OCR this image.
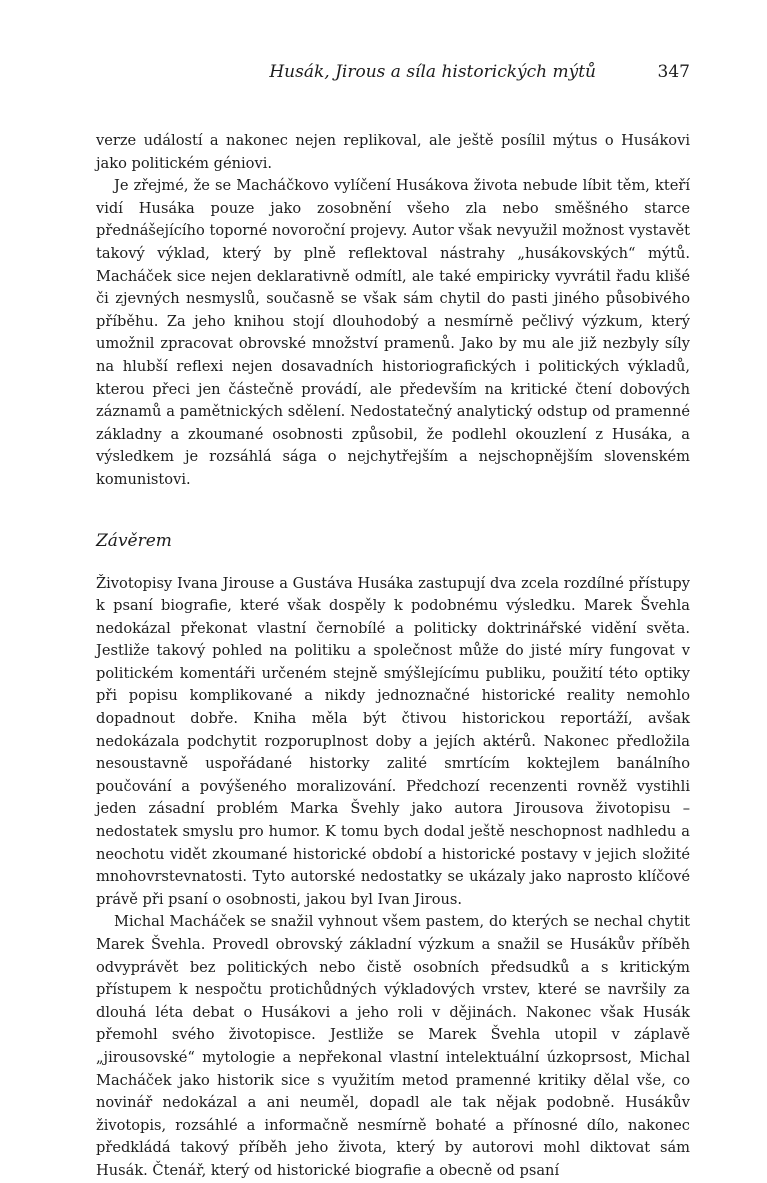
Husák, Jirous a síla historických mýtů	347

verze událostí a nakonec nejen replikoval, ale ještě posílil mýtus o Husákovi jako politickém géniovi.

Je zřejmé, že se Macháčkovo vylíčení Husákova života nebude líbit těm, kteří vidí Husáka pouze jako zosobnění všeho zla nebo směšného starce přednášejícího toporné novoroční projevy. Autor však nevyužil možnost vystavět takový výklad, který by plně reflektoval nástrahy „husákovských“ mýtů. Macháček sice nejen deklarativně odmítl, ale také empiricky vyvrátil řadu klišé či zjevných nesmyslů, současně se však sám chytil do pasti jiného působivého příběhu. Za jeho knihou stojí dlouhodobý a nesmírně pečlivý výzkum, který umožnil zpracovat obrovské množství pramenů. Jako by mu ale již nezbyly síly na hlubší reflexi nejen dosavadních historiografických i politických výkladů, kterou přeci jen částečně provádí, ale především na kritické čtení dobových záznamů a pamětnických sdělení. Nedostatečný analytický odstup od pramenné základny a zkoumané osobnosti způsobil, že podlehl okouzlení z Husáka, a výsledkem je rozsáhlá sága o nejchytřejším a nejschopnějším slovenském komunistovi.

Závěrem

Životopisy Ivana Jirouse a Gustáva Husáka zastupují dva zcela rozdílné přístupy k psaní biografie, které však dospěly k podobnému výsledku. Marek Švehla nedokázal překonat vlastní černobílé a politicky doktrinářské vidění světa. Jestliže takový pohled na politiku a společnost může do jisté míry fungovat v politickém komentáři určeném stejně smýšlejícímu publiku, použití této optiky při popisu komplikované a nikdy jednoznačné historické reality nemohlo dopadnout dobře. Kniha měla být čtivou historickou reportáží, avšak nedokázala podchytit rozporuplnost doby a jejích aktérů. Nakonec předložila nesoustavně uspořádané historky zalité smrtícím koktejlem banálního poučování a povýšeného moralizování. Předchozí recenzenti rovněž vystihli jeden zásadní problém Marka Švehly jako autora Jirousova životopisu – nedostatek smyslu pro humor. K tomu bych dodal ještě neschopnost nadhledu a neochotu vidět zkoumané historické období a historické postavy v jejich složité mnohovrstevnatosti. Tyto autorské nedostatky se ukázaly jako naprosto klíčové právě při psaní o osobnosti, jakou byl Ivan Jirous.

Michal Macháček se snažil vyhnout všem pastem, do kterých se nechal chytit Marek Švehla. Provedl obrovský základní výzkum a snažil se Husákův příběh odvyprávět bez politických nebo čistě osobních předsudků a s kritickým přístupem k nespočtu protichůdných výkladových vrstev, které se navršily za dlouhá léta debat o Husákovi a jeho roli v dějinách. Nakonec však Husák přemohl svého životopisce. Jestliže se Marek Švehla utopil v záplavě „jirousovské“ mytologie a nepřekonal vlastní intelektuální úzkoprsost, Michal Macháček jako historik sice s využitím metod pramenné kritiky dělal vše, co novinář nedokázal a ani neuměl, dopadl ale tak nějak podobně. Husákův životopis, rozsáhlé a informačně nesmírně bohaté a přínosné dílo, nakonec předkládá takový příběh jeho života, který by autorovi mohl diktovat sám Husák. Čtenář, který od historické biografie a obecně od psaní
